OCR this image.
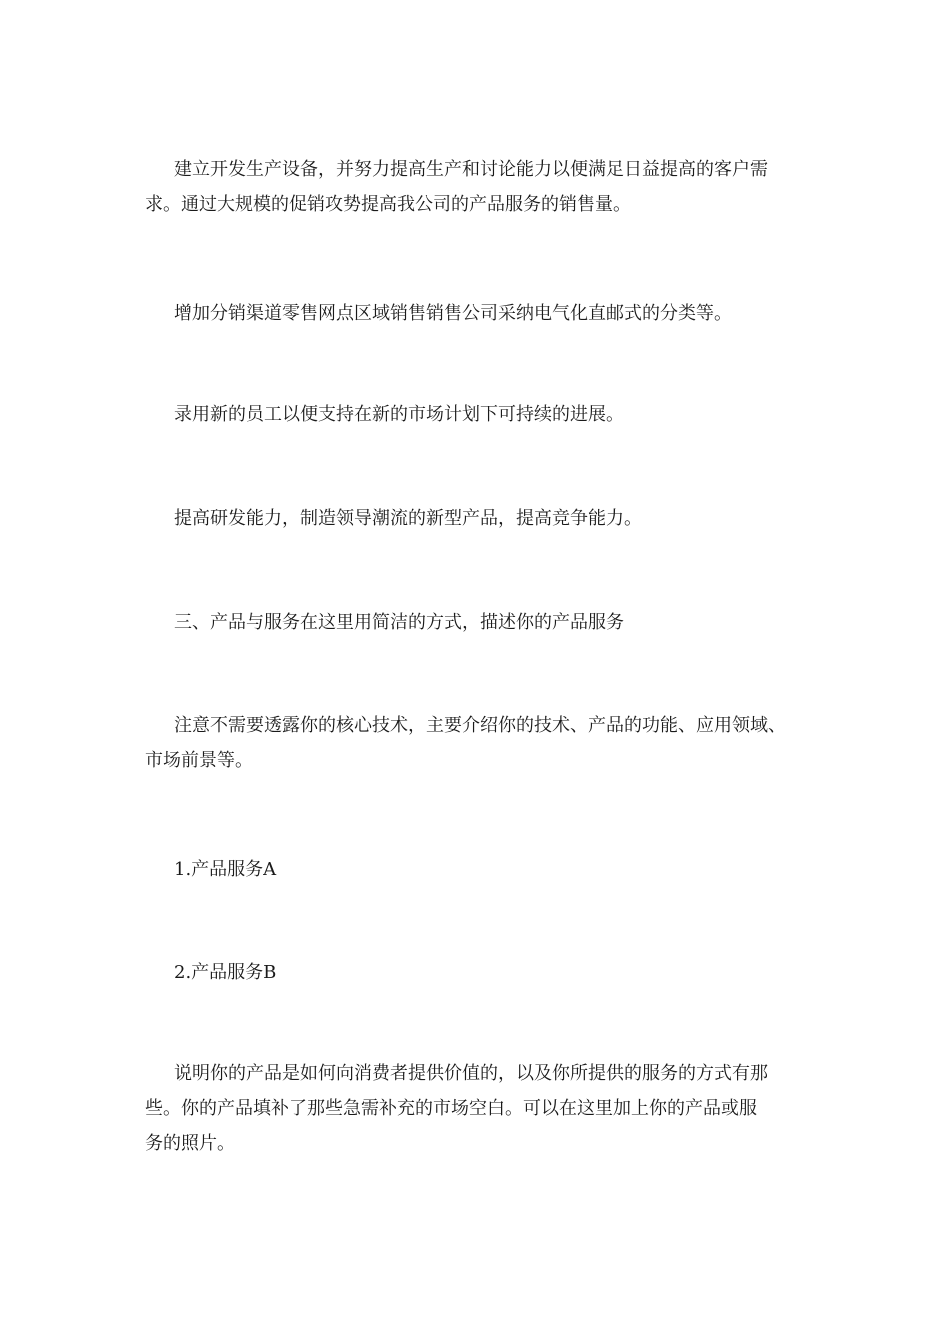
建立开发生产设备，并努力提高生产和讨论能力以便满足日益提高的客户需
求。通过大规模的促销攻势提高我公司的产品服务的销售量。

增加分销渠道零售网点区域销售销售公司采纳电气化直邮式的分类等。

录用新的员工以便支持在新的市场计划下可持续的进展。

提高研发能力，制造领导潮流的新型产品，提高竞争能力。

三、产品与服务在这里用简洁的方式，描述你的产品服务

注意不需要透露你的核心技术，主要介绍你的技术、产品的功能、应用领域、
市场前景等。

1.产品服务A

2.产品服务B

说明你的产品是如何向消费者提供价值的，以及你所提供的服务的方式有那
些。你的产品填补了那些急需补充的市场空白。可以在这里加上你的产品或服
务的照片。
